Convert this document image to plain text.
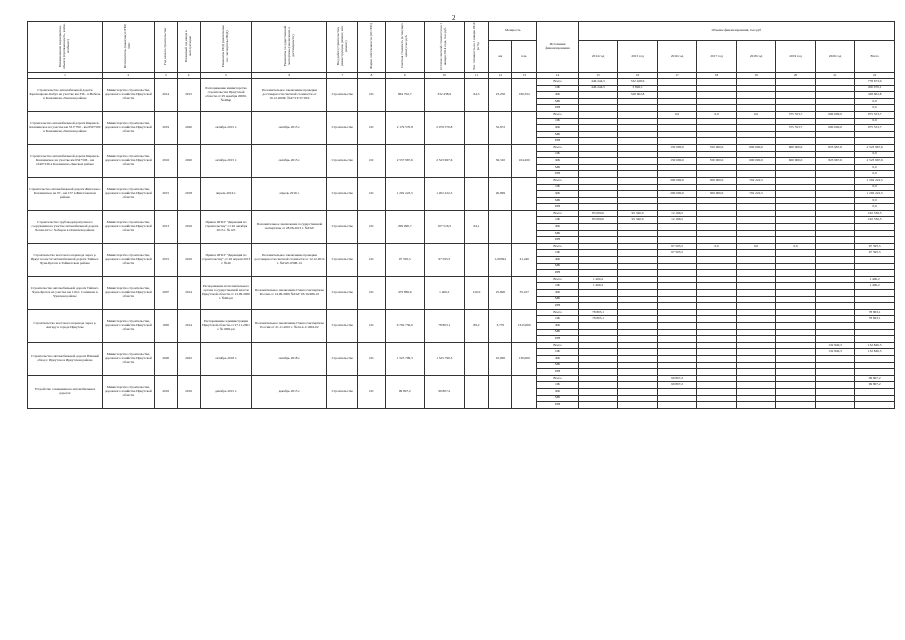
2
Наименование мероприятия, объекта (протяженность, км/кв. м/объект)	Исполнитель (заказчик) ОГБУ, ЗАО	Год начала строительства	Плановый год ввода в эксплуатацию	Реквизиты ПСД (заключение гос. экспертизы ПСД)	Реквизиты государственной экспертизы (заключение о достоверности)	Вид работ (строительство, реконструкция, ремонт, кап. ремонт)	Форма собственности (ОС/МС)	Сметная стоимость (в текущих ценах) тыс.руб.	Остаток сметной стоимости на 1 января 2014 года, тыс.руб.	Тех. готовность на 1 января 2014 (в %)	Мощность		Источники финансирования	Объемы финансирования, тыс.руб							
											км	п.м.		2014 год	2015 год	2016 год	2017 год	2018 год	2019 год	2020 год	Всего
1	2	3	4	5	6	7	8	9	10	11	12	13	14	15	16	17	18	19	20	21	22
Строительство автомобильной дороги Красноярово-Кабул на участке км 336 - п.Небель в Казачинско-Ленском районе	Министерство строительства, дорожного хозяйства Иркутской области	2014	2015	Распоряжение министерства строительства Иркутской области от 29 декабря 2009г. №40мр	Положительное заключение проверки достоверности сметной стоимости от 10.12.2009г. №47/13/37/18/4	Строительство	ОС	864 702,7	332 438,9	64,5	23,250	160,352	Всего	446 244,5	332 428,6						778 673,0
													ОБ	446 244,5	3 826,1						450 070,1
													ФБ		328 602,8						328 602,8
													МБ								0,0
													ИН								0,0
Строительство автомобильной дороги Киренск-Казачинское на участке км 331+700 - км 659+500 в Казачинско-Ленском районе	Министерство строительства, дорожного хозяйства Иркутской области	2019	2020	октябрь 2015 г.	октябрь 2015 г.	Строительство	ОС	2 179 570,8	2 079 570,8		52,972		Всего			0,0	0,0	0,0	375 553,7	600 000,0	975 553,7
													ОБ								0,0
													ФБ						375 553,7	600 000,0	975 553,7
													МБ								
													ИН								
Строительство автомобильной дороги Киренск-Казачинское на участке км 654+506 - км 1049+236 в Казачинско-Ленском районе	Министерство строительства, дорожного хозяйства Иркутской области	2016	2020	октябрь 2015 г.	октябрь 2015 г.	Строительство	ОС	2 537 967,6	2 523 967,6		36,310	104,200	Всего			150 000,0	550 000,0	600 000,0	600 000,0	823 967,6	2 523 967,6
													ОБ								0,0
													ФБ			150 000,0	550 000,0	600 000,0	600 000,0	823 967,6	2 523 967,6
													МБ								0,0
													ИН								0,0
Строительство автомобильной дороги Жигалово-Казачинское на 97 - км 157 в Жигаловском районе	Министерство строительства, дорожного хозяйства Иркутской области	2015	2018	апрель 2016 г.	апрель 2016 г.	Строительство	ОС	1 202 222,5	1 202 222,5		20,099		Всего			200 000,0	300 000,0	702 222,5			1 202 222,5
													ОБ								0,0
													ФБ			200 000,0	300 000,0	702 222,5			1 202 222,5
													МБ								0,0
													ИН								0,0
Строительство трубоводопропускного сооружения на участке автомобильной дороги Бохан-Оса с Хабаров в Осинском районе	Министерство строительства, дорожного хозяйства Иркутской области	2013	2016	Приказ ОГКУ "Дирекция по строительству" от 26 октября 2015 г. №125	Положительное заключение государственной экспертизы от 28.06.2013 г. №ГАУ	Строительство	ОС	299 090,7	107 516,5	64,1			Всего	85 000,0	95 340,0	12 196,5					192 536,5
													ОБ	85 000,0	95 340,0	12 196,5					192 536,5
													ФБ								
													МБ								
													ИН								
Строительство мостового перехода через р. Иркут на км 52 автомобильной дороги Тайшет-Чуна-Братск в Тайшетском районе	Министерство строительства, дорожного хозяйства Иркутской области	2015	2016	Приказ ОГКУ "Дирекция по строительству" от 26 апреля 2013 г. №40	Положительное заключение проверки достоверности сметной стоимости от 12.12.2014 г. №ГАУ-0598-14	Строительство	ОС	97 595,5	97 595,5		1,06594	41,240	Всего			97 595,5	0,0	0,0	0,0		97 595,5
													ОБ			97 595,5					97 595,5
													ФБ								
													МБ								
													ИН								
Строительство автомобильной дороги Тайшет-Чуна-Братск на участке км 116 п. Сонинова в Чунском районе	Министерство строительства, дорожного хозяйства Иркутской области	2007	2014	Распоряжение исполнительного органа государственной власти Иркутской области от 13.09.2006 г. №60-рп	Положительное заключение Главгосэкспертизы России от 14.09.2006 №ГАУ 03/10/486-10	Строительство	ОС	479 869,6	1 400,2	120,0	25,600	35,167	Всего	1 400,2							1 400,2
													ОБ	1 400,2							1 400,2
													ФБ								
													МБ								
													ИН								
Строительство мостового перехода через р. Ангару в городе Иркутске	Министерство строительства, дорожного хозяйства Иркутской области	1995	2014	Распоряжение администрации Иркутской области от 27.11.2001 г. №1009-рп	Положительное заключение Главгосэкспертизы России от 21.11.2001 г. №24-4-1/1004-02	Строительство	ОС	9 792 756,0	78 803,1	89,2	3,770	1615,000	Всего	78 803,1							78 803,1
													ОБ	78 803,1							78 803,1
													ФБ								
													МБ								
													ИН								
Строительство автомобильной дороги Южный обход г. Иркутска в Иркутском районе	Министерство строительства, дорожного хозяйства Иркутской области	2020	2022	октябрь 2018 г.	октябрь 2018 г.	Строительство	ОС	1 525 799,3	1 525 799,3		10,000	130,000	Всего							132 840,3	132 840,3
													ОБ							132 840,3	132 840,3
													ФБ								
													МБ								
													ИН								
Устройство освещения на автомобильных дорогах	Министерство строительства, дорожного хозяйства Иркутской области	2016	2016	декабрь 2015 г.	декабрь 2015 г.	Строительство	ОС	99 807,2	99 807,2				Всего			99 807,2					99 807,2
													ОБ			99 807,2					99 807,2
													ФБ								
													МБ								
													ИН								
